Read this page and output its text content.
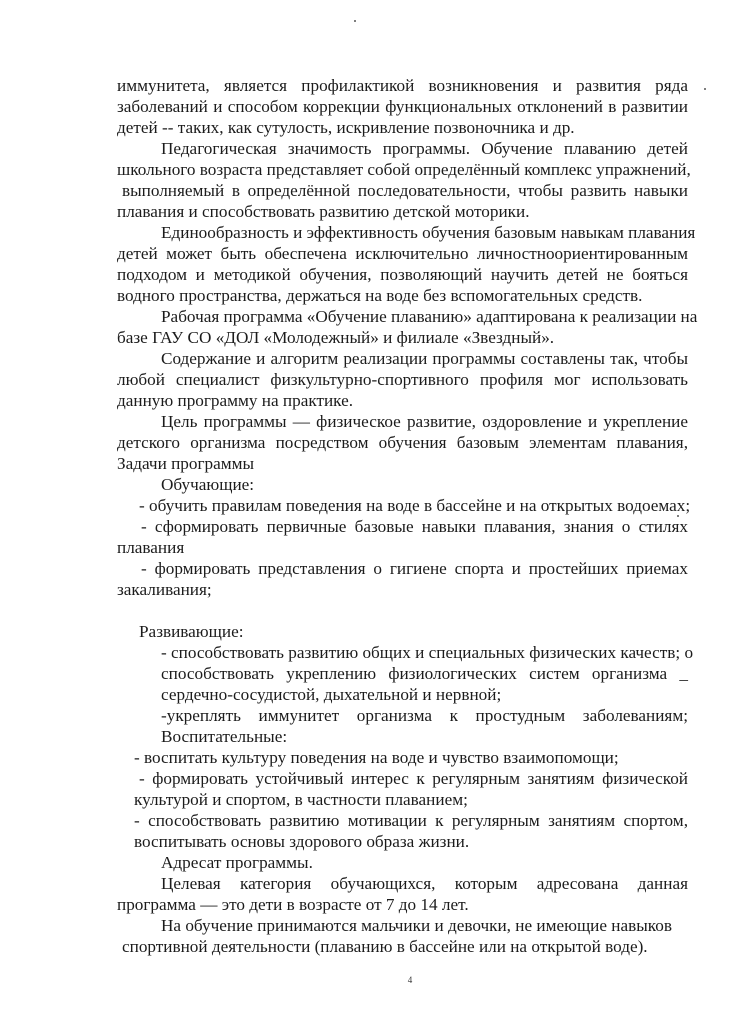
иммунитета, является профилактикой возникновения и развития ряда

заболеваний и способом коррекции функциональных отклонений в развитии

детей -- таких, как сутулость, искривление позвоночника и др.

Педагогическая значимость программы. Обучение плаванию детей

школьного возраста представляет собой определённый комплекс упражнений,

выполняемый в определённой последовательности, чтобы развить навыки

плавания и способствовать развитию детской моторики.

Единообразность и эффективность обучения базовым навыкам плавания

детей может быть обеспечена исключительно личностноориентированным

подходом и методикой обучения, позволяющий научить детей не бояться

водного пространства, держаться на воде без вспомогательных средств.

Рабочая программа «Обучение плаванию» адаптирована к реализации на

базе ГАУ СО «ДОЛ «Молодежный» и филиале «Звездный».

Содержание и алгоритм реализации программы составлены так, чтобы

любой специалист физкультурно-спортивного профиля мог использовать

данную программу на практике.

Цель программы — физическое развитие, оздоровление и укрепление

детского организма посредством обучения базовым элементам плавания,

Задачи программы

Обучающие:

- обучить правилам поведения на воде в бассейне и на открытых водоемах;

- сформировать первичные базовые навыки плавания, знания о стилях

плавания

- формировать представления о гигиене спорта и простейших приемах

закаливания;

Развивающие:

- способствовать развитию общих и специальных физических качеств; о

способствовать укреплению физиологических систем организма _

сердечно-сосудистой, дыхательной и нервной;

-укреплять иммунитет организма к простудным заболеваниям;

Воспитательные:

- воспитать культуру поведения на воде и чувство взаимопомощи;

- формировать устойчивый интерес к регулярным занятиям физической

культурой и спортом, в частности плаванием;

- способствовать развитию мотивации к регулярным занятиям спортом,

воспитывать основы здорового образа жизни.

Адресат программы.

Целевая категория обучающихся, которым адресована данная

программа — это дети в возрасте от 7 до 14 лет.

На обучение принимаются мальчики и девочки, не имеющие навыков

спортивной деятельности (плаванию в бассейне или на открытой воде).

4
